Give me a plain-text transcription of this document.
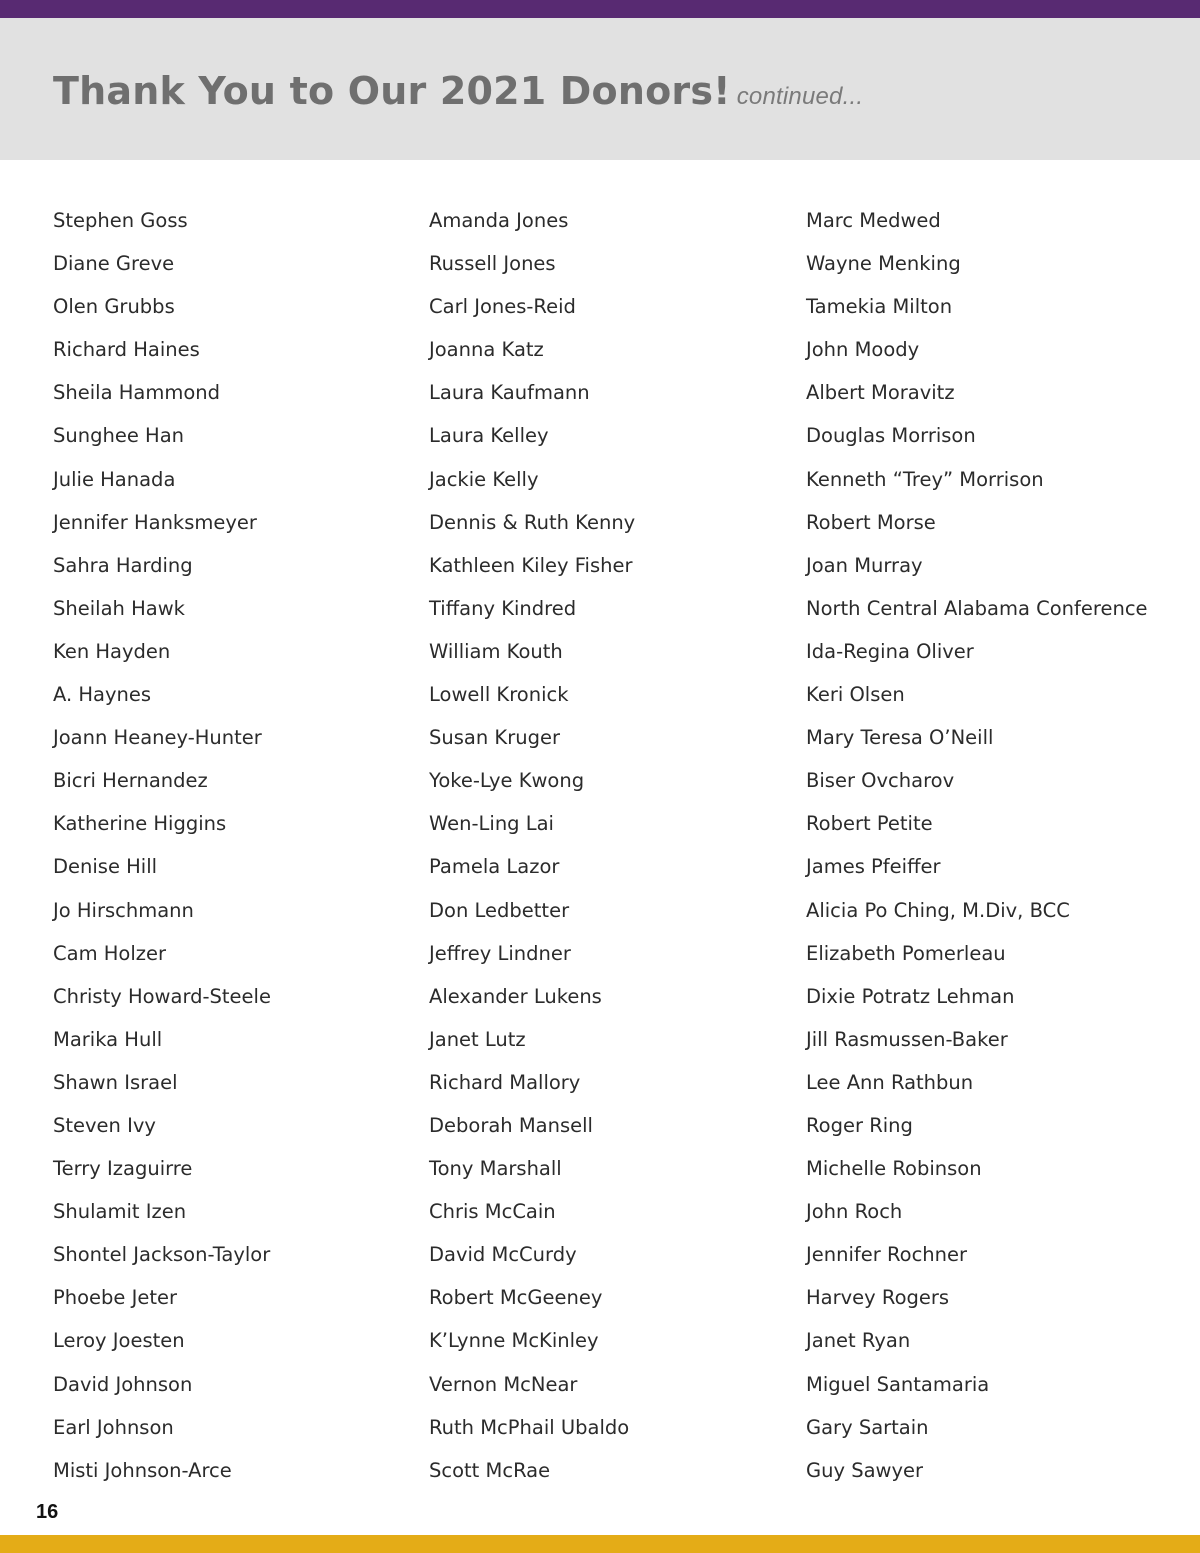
Thank You to Our 2021 Donors! continued...
Stephen Goss
Diane Greve
Olen Grubbs
Richard Haines
Sheila Hammond
Sunghee Han
Julie Hanada
Jennifer Hanksmeyer
Sahra Harding
Sheilah Hawk
Ken Hayden
A. Haynes
Joann Heaney-Hunter
Bicri Hernandez
Katherine Higgins
Denise Hill
Jo Hirschmann
Cam Holzer
Christy Howard-Steele
Marika Hull
Shawn Israel
Steven Ivy
Terry Izaguirre
Shulamit Izen
Shontel Jackson-Taylor
Phoebe Jeter
Leroy Joesten
David Johnson
Earl Johnson
Misti Johnson-Arce
Amanda Jones
Russell Jones
Carl Jones-Reid
Joanna Katz
Laura Kaufmann
Laura Kelley
Jackie Kelly
Dennis & Ruth Kenny
Kathleen Kiley Fisher
Tiffany Kindred
William Kouth
Lowell Kronick
Susan Kruger
Yoke-Lye Kwong
Wen-Ling Lai
Pamela Lazor
Don Ledbetter
Jeffrey Lindner
Alexander Lukens
Janet Lutz
Richard Mallory
Deborah Mansell
Tony Marshall
Chris McCain
David McCurdy
Robert McGeeney
K’Lynne McKinley
Vernon McNear
Ruth McPhail Ubaldo
Scott McRae
Marc Medwed
Wayne Menking
Tamekia Milton
John Moody
Albert Moravitz
Douglas Morrison
Kenneth “Trey” Morrison
Robert Morse
Joan Murray
North Central Alabama Conference
Ida-Regina Oliver
Keri Olsen
Mary Teresa O’Neill
Biser Ovcharov
Robert Petite
James Pfeiffer
Alicia Po Ching, M.Div, BCC
Elizabeth Pomerleau
Dixie Potratz Lehman
Jill Rasmussen-Baker
Lee Ann Rathbun
Roger Ring
Michelle Robinson
John Roch
Jennifer Rochner
Harvey Rogers
Janet Ryan
Miguel Santamaria
Gary Sartain
Guy Sawyer
16
